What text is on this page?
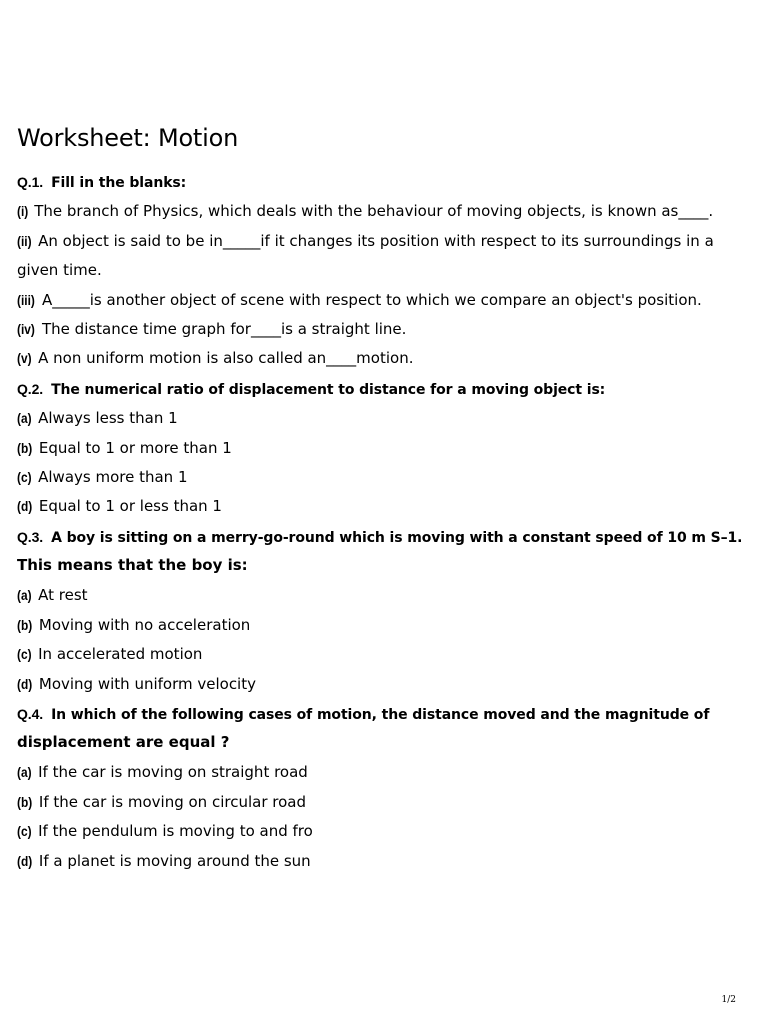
Worksheet: Motion
Q.1. Fill in the blanks:
(i) The branch of Physics, which deals with the behaviour of moving objects, is known as____.
(ii) An object is said to be in_____if it changes its position with respect to its surroundings in a
given time.
(iii) A_____is another object of scene with respect to which we compare an object's position.
(iv) The distance time graph for____is a straight line.
(v) A non uniform motion is also called an____motion.
Q.2. The numerical ratio of displacement to distance for a moving object is:
(a) Always less than 1
(b) Equal to 1 or more than 1
(c) Always more than 1
(d) Equal to 1 or less than 1
Q.3. A boy is sitting on a merry-go-round which is moving with a constant speed of 10 m S–1.
This means that the boy is:
(a) At rest
(b) Moving with no acceleration
(c) In accelerated motion
(d) Moving with uniform velocity
Q.4. In which of the following cases of motion, the distance moved and the magnitude of
displacement are equal ?
(a) If the car is moving on straight road
(b) If the car is moving on circular road
(c) If the pendulum is moving to and fro
(d) If a planet is moving around the sun
1/2
